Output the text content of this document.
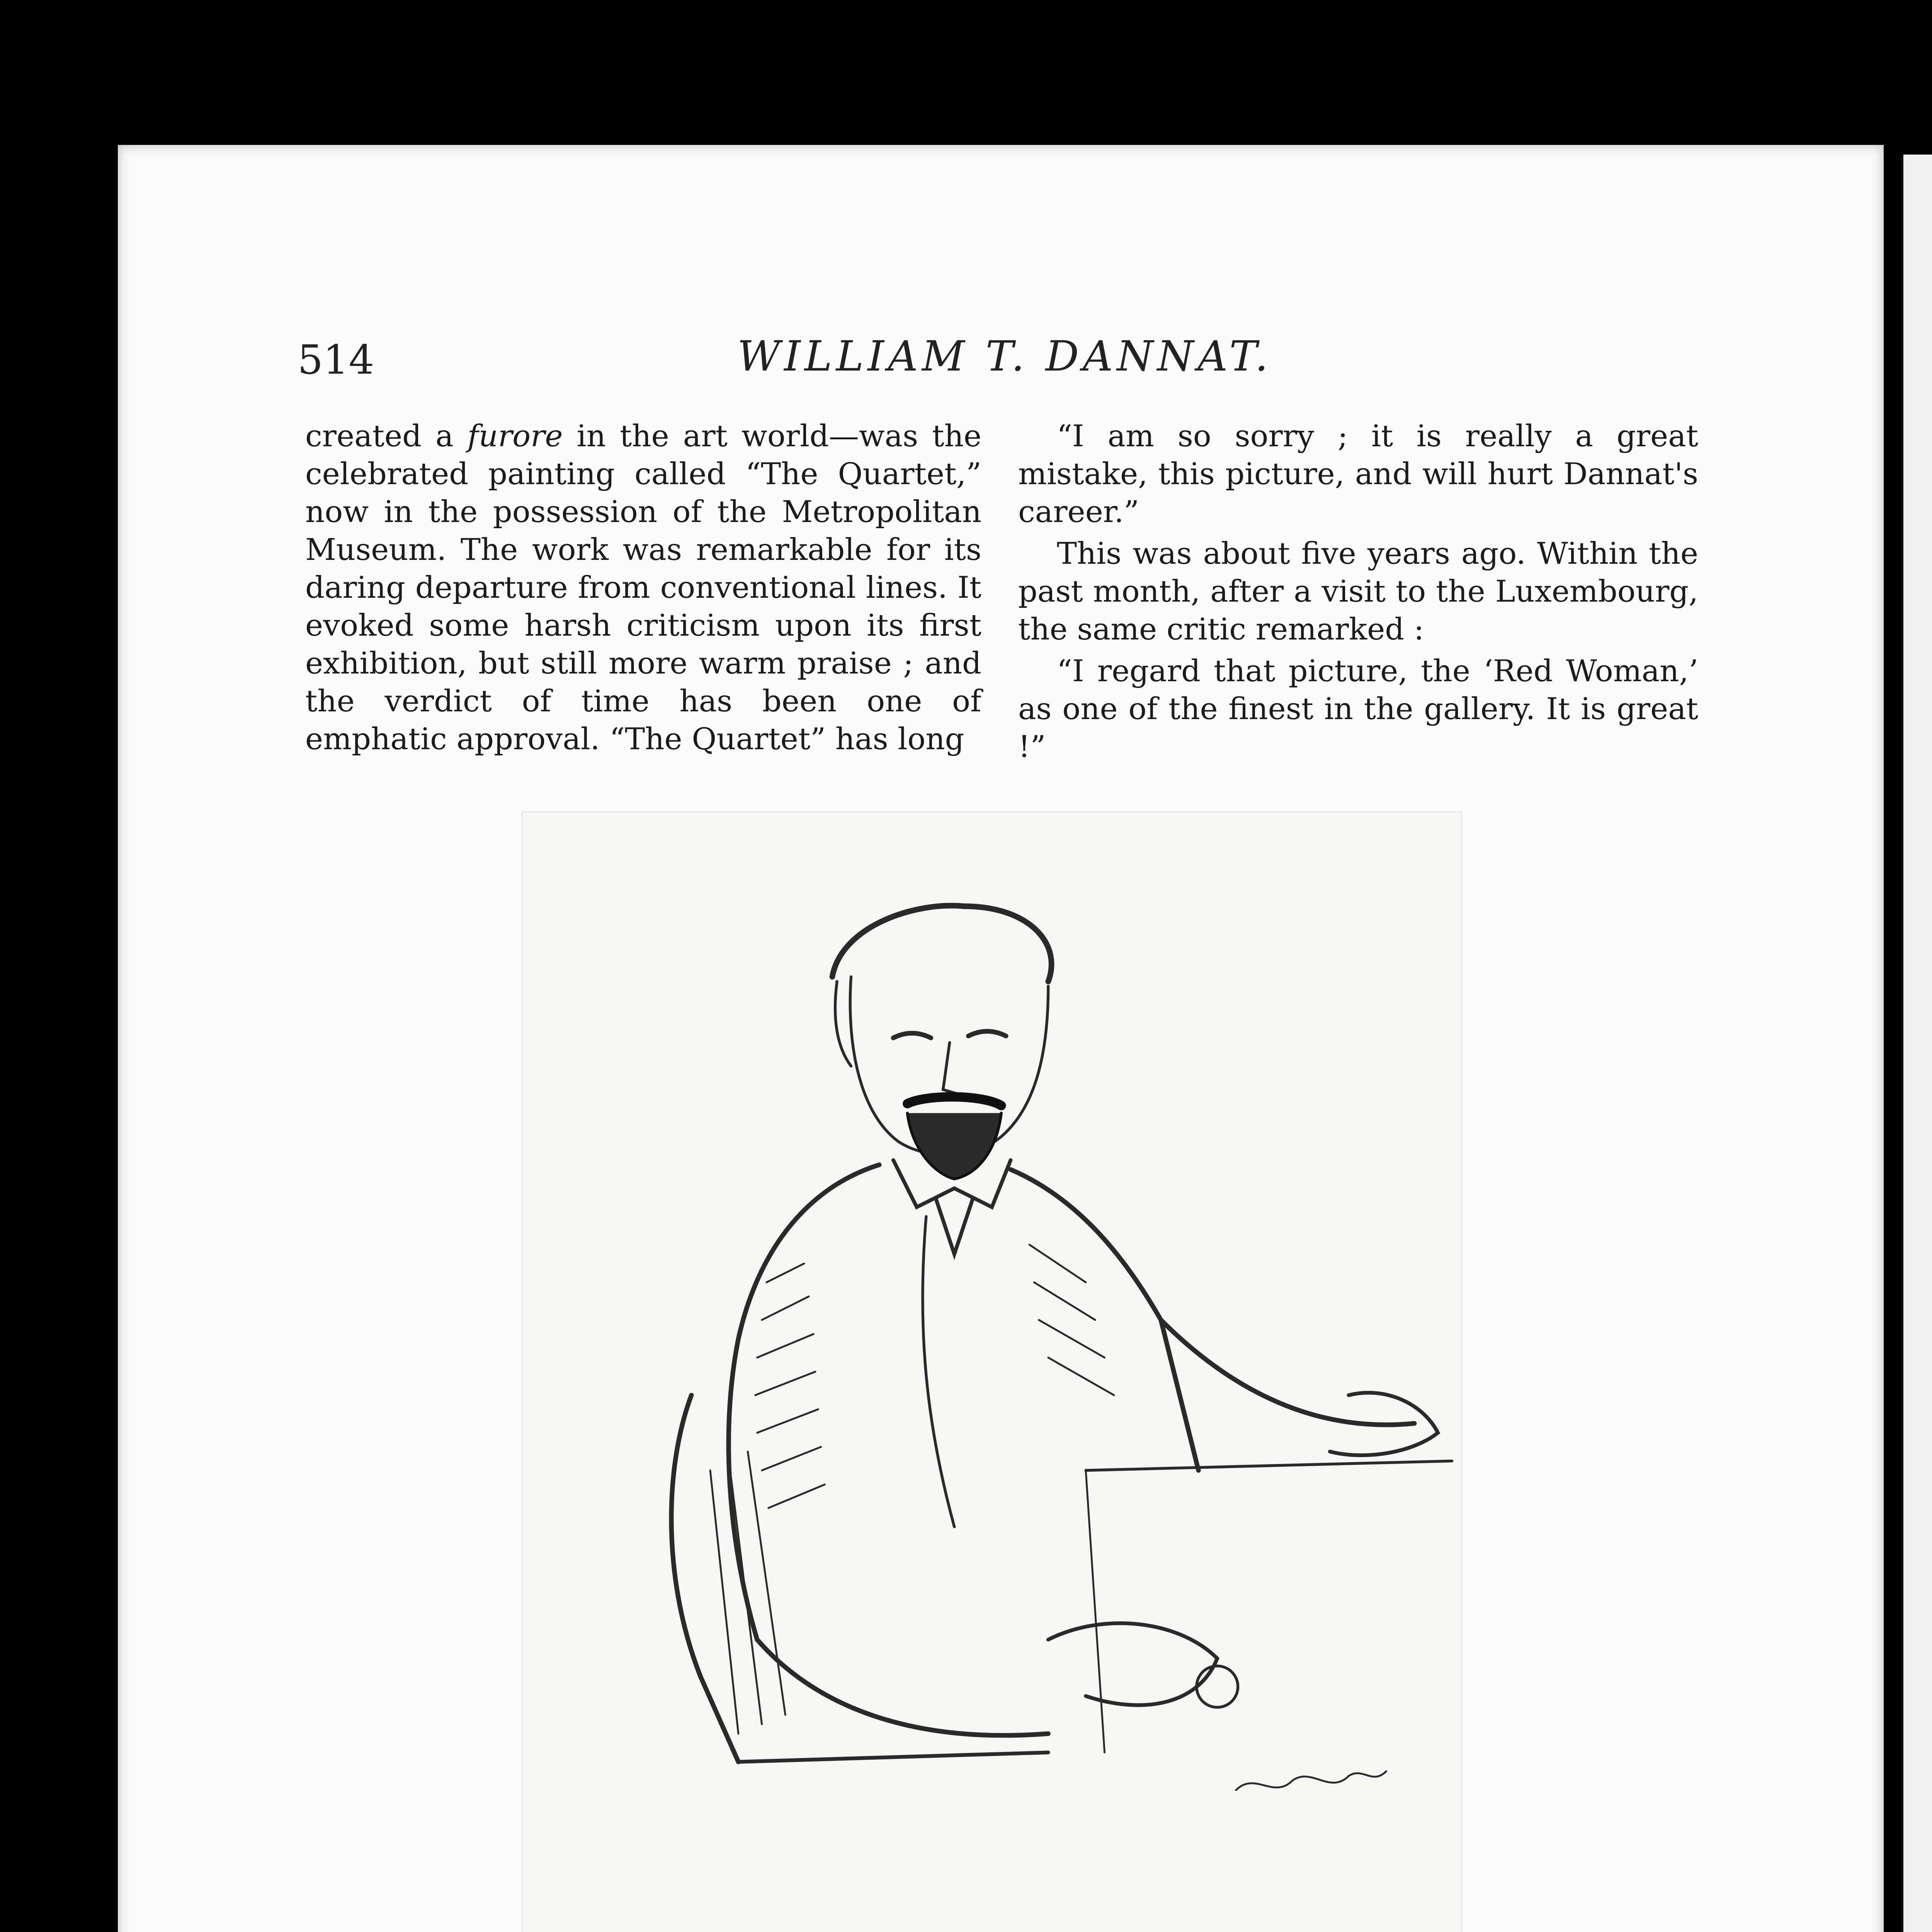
514	WILLIAM T. DANNAT.

created a furore in the art world—was the celebrated painting called “The Quartet,” now in the possession of the Metropolitan Museum. The work was remarkable for its daring departure from conventional lines. It evoked some harsh criticism upon its first exhibition, but still more warm praise ; and the verdict of time has been one of emphatic approval. “The Quartet” has long

“I am so sorry ; it is really a great mistake, this picture, and will hurt Dannat's career.”

This was about five years ago. Within the past month, after a visit to the Luxembourg, the same critic remarked :

“I regard that picture, the ‘Red Woman,’ as one of the finest in the gallery. It is great !”
